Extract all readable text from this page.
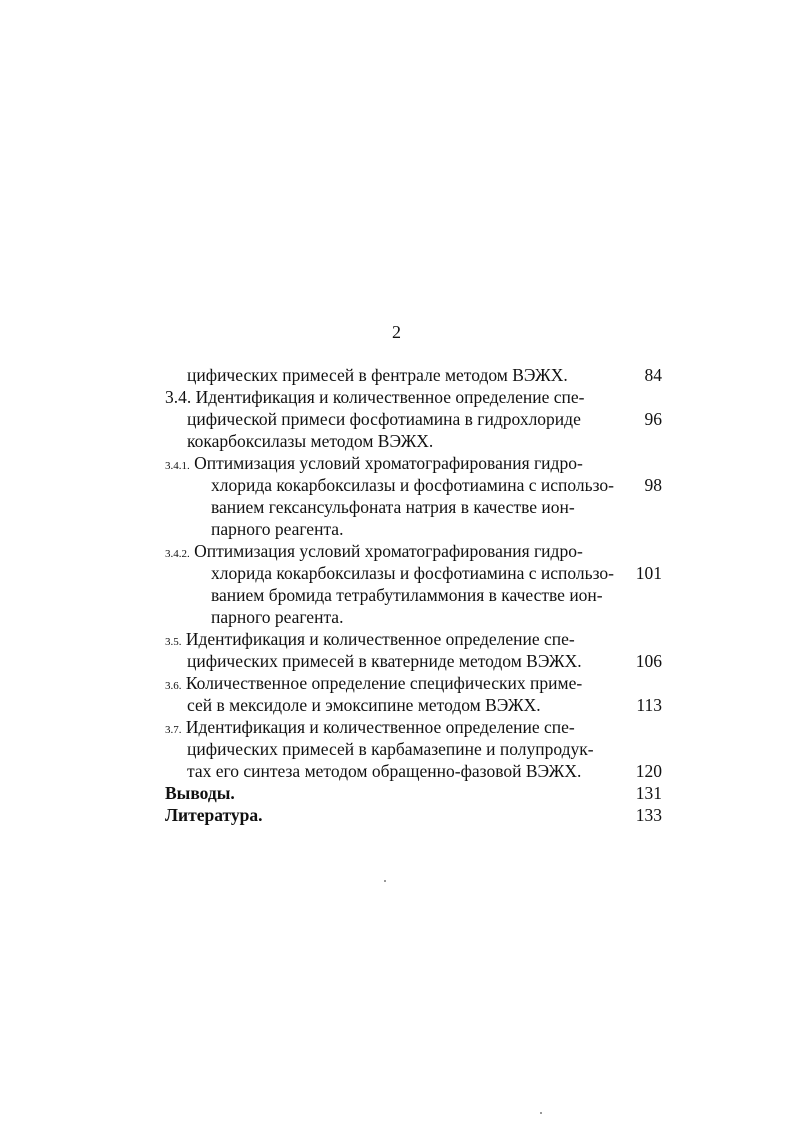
2
цифических примесей в фентрале методом ВЭЖХ.	84
3.4. Идентификация и количественное определение спе-
цифической примеси фосфотиамина в гидрохлориде	96
кокарбоксилазы методом ВЭЖХ.
3.4.1. Оптимизация условий хроматографирования гидро-
хлорида кокарбоксилазы и фосфотиамина с использо- 98
ванием гексансульфоната натрия в качестве ион-
парного реагента.
3.4.2. Оптимизация условий хроматографирования гидро-
хлорида кокарбоксилазы и фосфотиамина с использо- 101
ванием бромида тетрабутиламмония в качестве ион-
парного реагента.
3.5. Идентификация и количественное определение спе-
цифических примесей в кватерниде методом ВЭЖХ.	106
3.6. Количественное определение специфических приме-
сей в мексидоле и эмоксипине методом ВЭЖХ.	113
3.7. Идентификация и количественное определение спе-
цифических примесей в карбамазепине и полупродук-
тах его синтеза методом обращенно-фазовой ВЭЖХ.	120
Выводы.	131
Литература.	133
